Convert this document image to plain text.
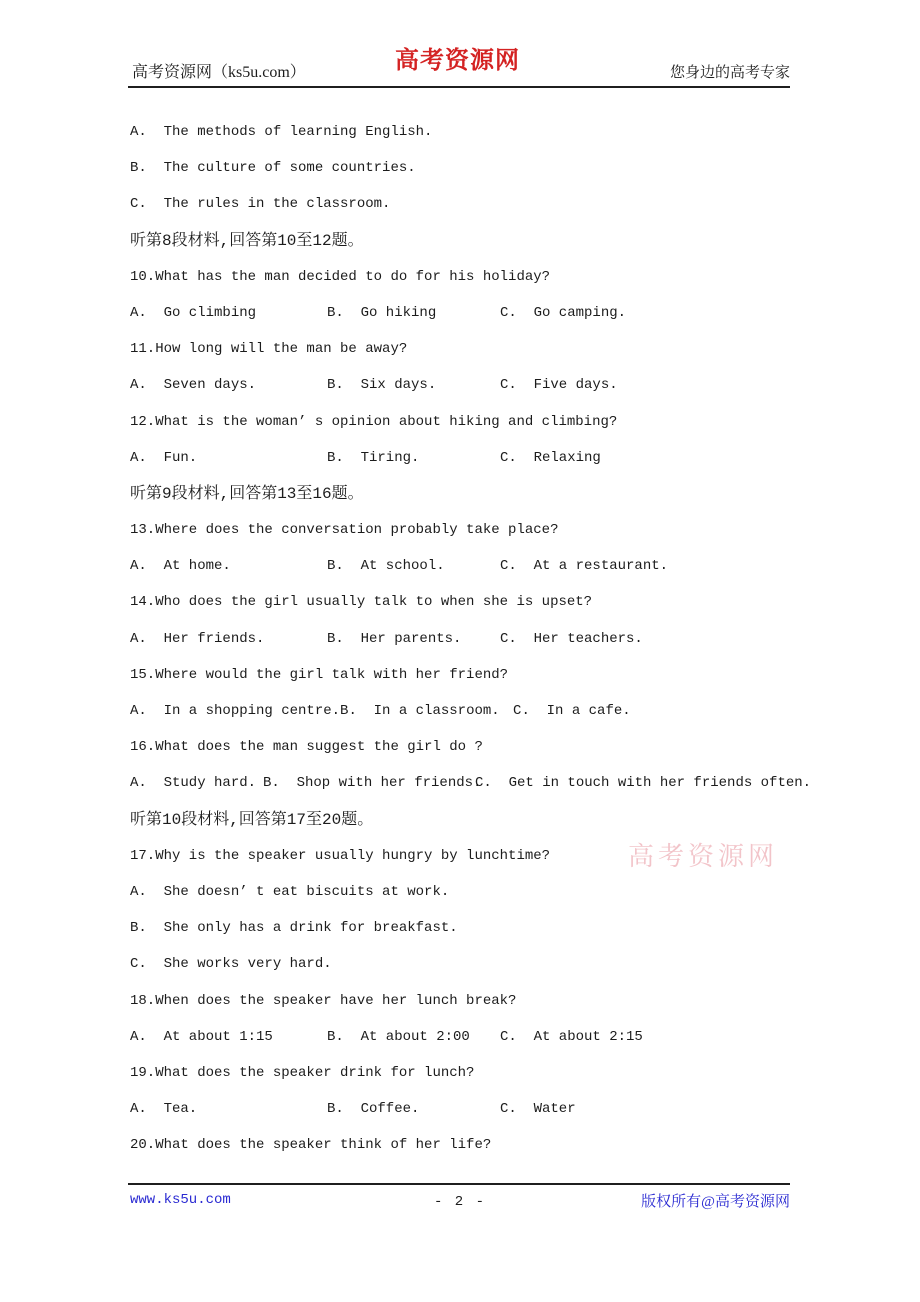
高考资源网（ks5u.com）	高考资源网	您身边的高考专家
A.  The methods of learning English.
B.  The culture of some countries.
C.  The rules in the classroom.
听第8段材料,回答第10至12题。
10.What has the man decided to do for his holiday?
A.  Go climbing	B.  Go hiking	C.  Go camping.
11.How long will the man be away?
A.  Seven days.	B.  Six days.	C.  Five days.
12.What is the woman’ s opinion about hiking and climbing?
A.  Fun.	B.  Tiring.	C.  Relaxing
听第9段材料,回答第13至16题。
13.Where does the conversation probably take place?
A.  At home.	B.  At school.	C.  At a restaurant.
14.Who does the girl usually talk to when she is upset?
A.  Her friends.	B.  Her parents.	C.  Her teachers.
15.Where would the girl talk with her friend?
A.  In a shopping centre. B.  In a classroom. C.  In a cafe.
16.What does the man suggest the girl do ?
A.  Study hard. B.  Shop with her friends.
C.  Get in touch with her friends often.
听第10段材料,回答第17至20题。
17.Why is the speaker usually hungry by lunchtime?
A.  She doesn’ t eat biscuits at work.
B.  She only has a drink for breakfast.
C.  She works very hard.
18.When does the speaker have her lunch break?
A.  At about 1:15	B.  At about 2:00	C.  At about 2:15
19.What does the speaker drink for lunch?
A.  Tea.	B.  Coffee.	C.  Water
20.What does the speaker think of her life?
高考资源网
www.ks5u.com	- 2 -	版权所有@高考资源网
